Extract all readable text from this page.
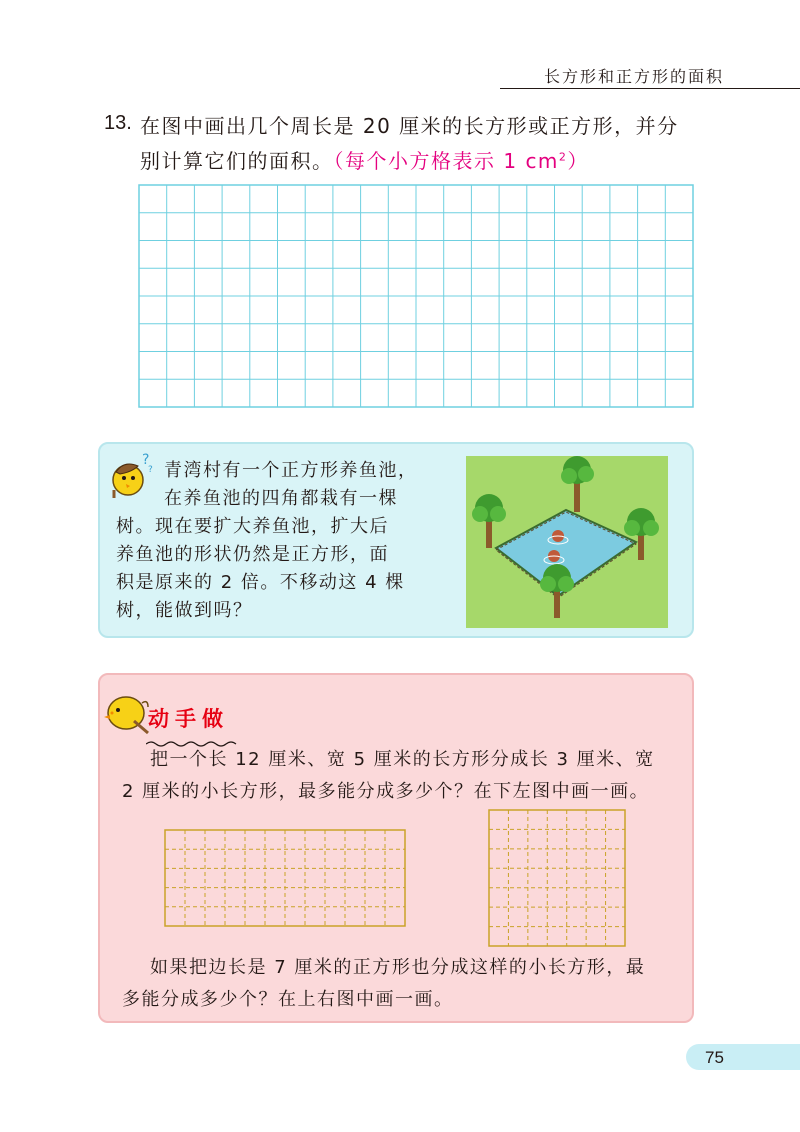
长方形和正方形的面积
13. 在图中画出几个周长是 20 厘米的长方形或正方形，并分
别计算它们的面积。（每个小方格表示 1 $cm^2$）
?
? 青湾村有一个正方形养鱼池，
在养鱼池的四角都栽有一棵
树。现在要扩大养鱼池，扩大后
养鱼池的形状仍然是正方形，面
积是原来的 2 倍。不移动这 4 棵
树，能做到吗？
动手做
把一个长 12 厘米、宽 5 厘米的长方形分成长 3 厘米、宽
2 厘米的小长方形，最多能分成多少个？在下左图中画一画。
如果把边长是 7 厘米的正方形也分成这样的小长方形，最
多能分成多少个？在上右图中画一画。
75
